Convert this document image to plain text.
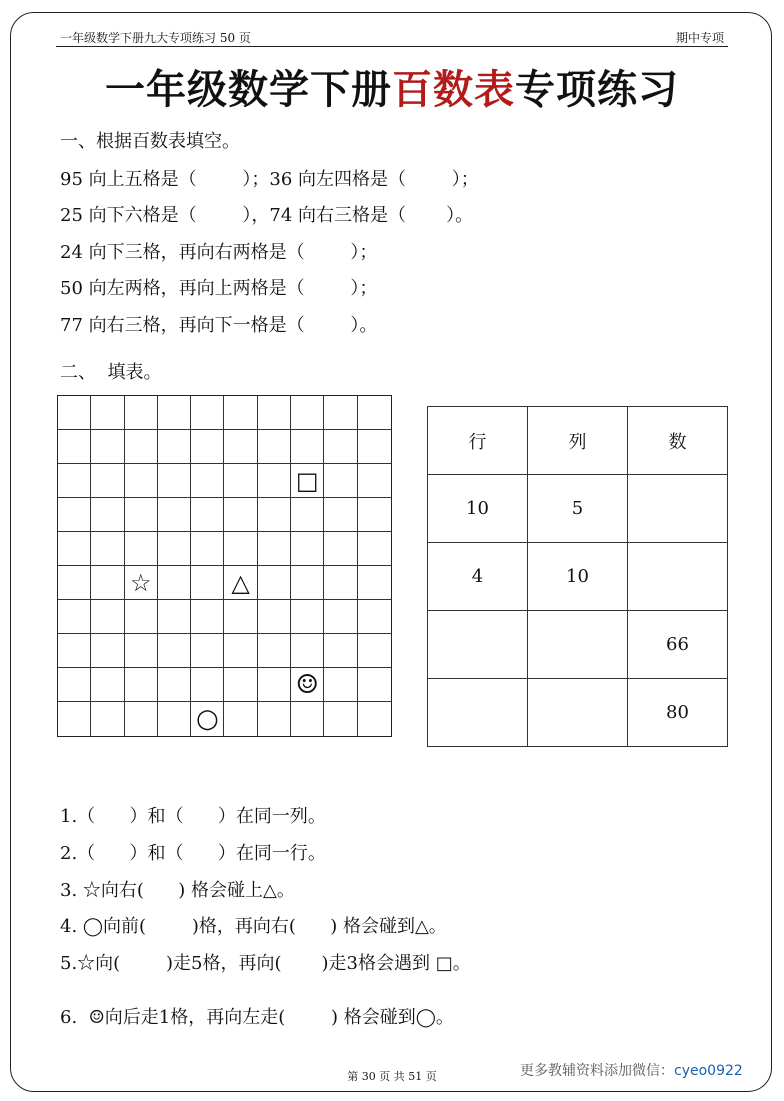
一年级数学下册九大专项练习 50 页	期中专项
一年级数学下册百数表专项练习
一、根据百数表填空。
95 向上五格是（        ）；36 向左四格是（        ）；
25 向下六格是（        ），74 向右三格是（       ）。
24 向下三格，再向右两格是（        ）；
50 向左两格，再向上两格是（        ）；
77 向右三格，再向下一格是（        ）。
二、  填表。
□
☆	△
☺
○
行	列	数
10	5	
4	10	
		66
		80
1.（      ）和（      ）在同一列。
2.（      ）和（      ）在同一行。
3. ☆向右(      ) 格会碰上△。
4. ◯向前(        )格，再向右(      ) 格会碰到△。
5.☆向(        )走5格，再向(       )走3格会遇到 □。
6.  ☺向后走1格，再向左走(        ) 格会碰到◯。
第 30 页 共 51 页	更多教辅资料添加微信：cyeo0922
